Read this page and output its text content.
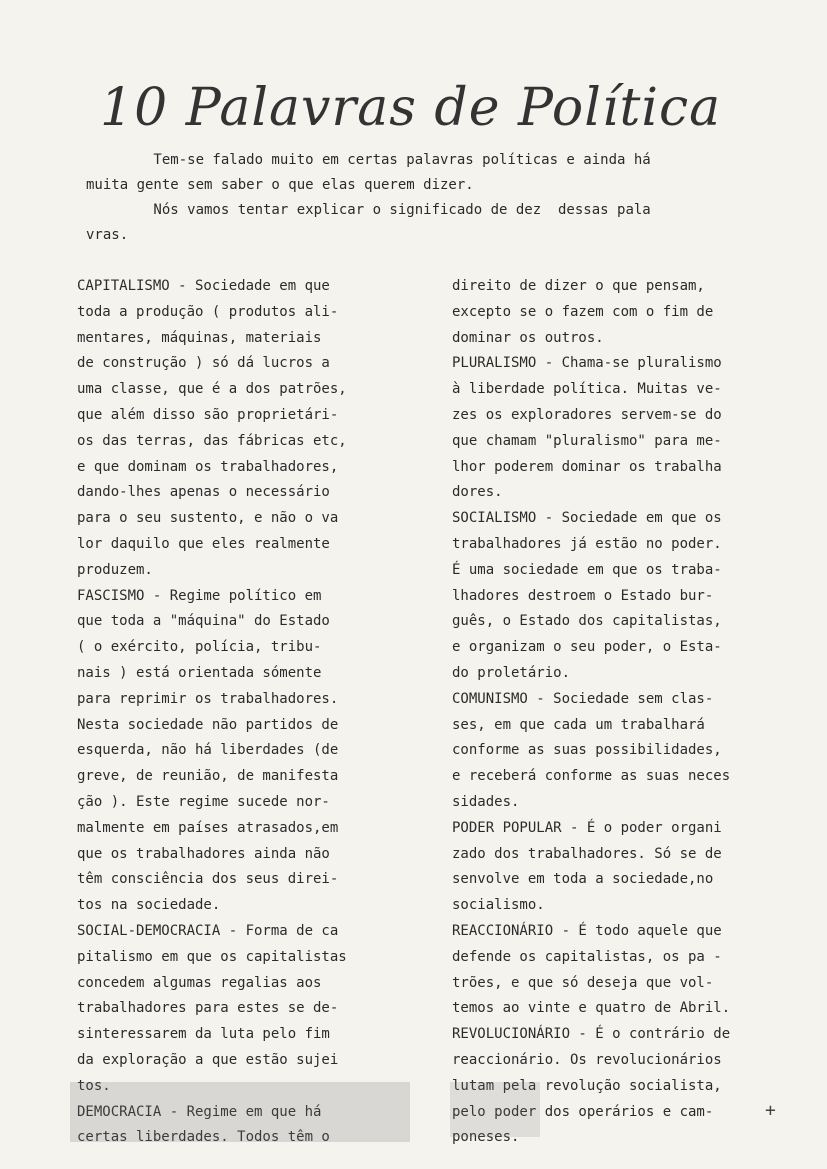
10 Palavras de Política

Tem-se falado muito em certas palavras políticas e ainda há

muita gente sem saber o que elas querem dizer.

Nós vamos tentar explicar o significado de dez  dessas pala

vras.

CAPITALISMO - Sociedade em que
toda a produção ( produtos ali-
mentares, máquinas, materiais
de construção ) só dá lucros a
uma classe, que é a dos patrões,
que além disso são proprietári-
os das terras, das fábricas etc,
e que dominam os trabalhadores,
dando-lhes apenas o necessário
para o seu sustento, e não o va
lor daquilo que eles realmente
produzem.
FASCISMO - Regime político em
que toda a "máquina" do Estado
( o exército, polícia, tribu-
nais ) está orientada sómente
para reprimir os trabalhadores.
Nesta sociedade não partidos de
esquerda, não há liberdades (de
greve, de reunião, de manifesta
ção ). Este regime sucede nor-
malmente em países atrasados,em
que os trabalhadores ainda não
têm consciência dos seus direi-
tos na sociedade.
SOCIAL-DEMOCRACIA - Forma de ca
pitalismo em que os capitalistas
concedem algumas regalias aos
trabalhadores para estes se de-
sinteressarem da luta pelo fim
da exploração a que estão sujei
tos.
DEMOCRACIA - Regime em que há
certas liberdades. Todos têm o
direito de dizer o que pensam,
excepto se o fazem com o fim de
dominar os outros.
PLURALISMO - Chama-se pluralismo
à liberdade política. Muitas ve-
zes os exploradores servem-se do
que chamam "pluralismo" para me-
lhor poderem dominar os trabalha
dores.
SOCIALISMO - Sociedade em que os
trabalhadores já estão no poder.
É uma sociedade em que os traba-
lhadores destroem o Estado bur-
guês, o Estado dos capitalistas,
e organizam o seu poder, o Esta-
do proletário.
COMUNISMO - Sociedade sem clas-
ses, em que cada um trabalhará
conforme as suas possibilidades,
e receberá conforme as suas neces
sidades.
PODER POPULAR - É o poder organi
zado dos trabalhadores. Só se de
senvolve em toda a sociedade,no
socialismo.
REACCIONÁRIO - É todo aquele que
defende os capitalistas, os pa -
trões, e que só deseja que vol-
temos ao vinte e quatro de Abril.
REVOLUCIONÁRIO - É o contrário de
reaccionário. Os revolucionários
lutam pela revolução socialista,
pelo poder dos operários e cam-
poneses.
+
